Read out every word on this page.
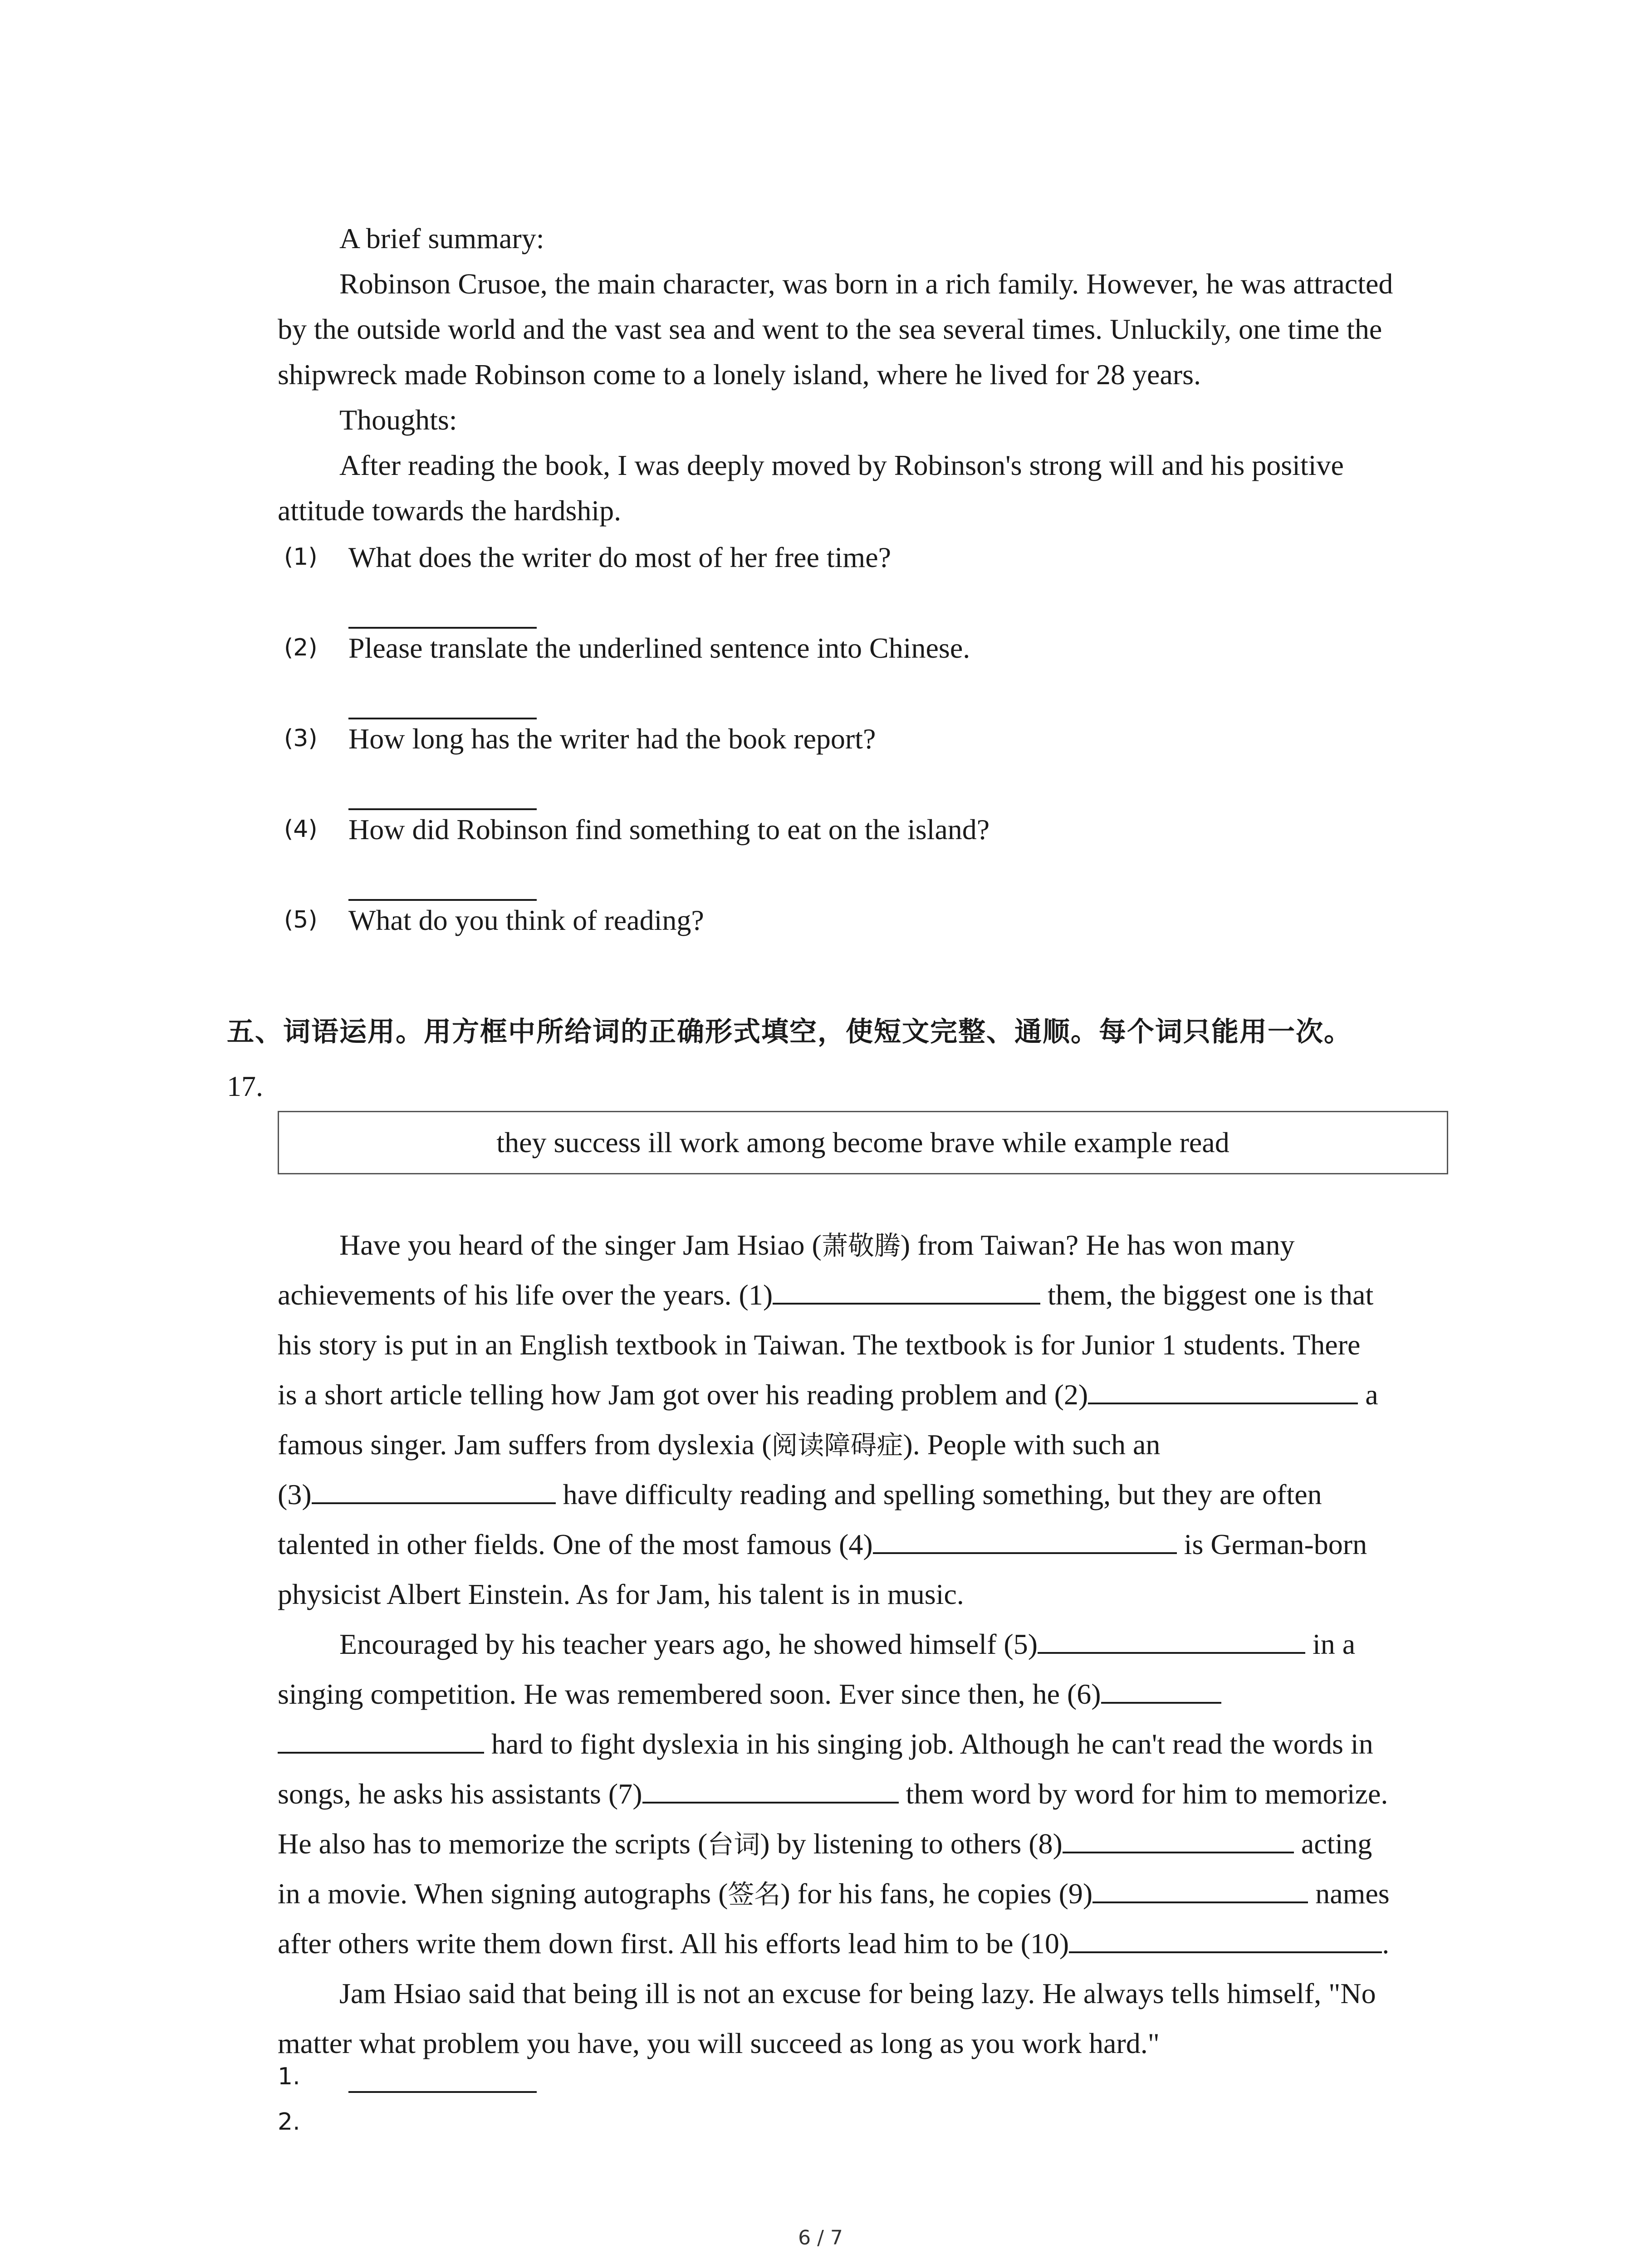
A brief summary:
Robinson Crusoe, the main character, was born in a rich family. However, he was attracted
by the outside world and the vast sea and went to the sea several times. Unluckily, one time the
shipwreck made Robinson come to a lonely island, where he lived for 28 years.
Thoughts:
After reading the book, I was deeply moved by Robinson's strong will and his positive
attitude towards the hardship.
(1) What does the writer do most of her free time?
(2) Please translate the underlined sentence into Chinese.
(3) How long has the writer had the book report?
(4) How did Robinson find something to eat on the island?
(5) What do you think of reading?
五、词语运用。用方框中所给词的正确形式填空，使短文完整、通顺。每个词只能用一次。
17.
they success ill work among become brave while example read
Have you heard of the singer Jam Hsiao (萧敬腾) from Taiwan? He has won many
achievements of his life over the years. (1)	them, the biggest one is that
his story is put in an English textbook in Taiwan. The textbook is for Junior 1 students. There
is a short article telling how Jam got over his reading problem and (2)	a
famous singer. Jam suffers from dyslexia (阅读障碍症). People with such an
(3)	have difficulty reading and spelling something, but they are often
talented in other fields. One of the most famous (4)	is German-born
physicist Albert Einstein. As for Jam, his talent is in music.
Encouraged by his teacher years ago, he showed himself (5)	in a
singing competition. He was remembered soon. Ever since then, he (6)
hard to fight dyslexia in his singing job. Although he can't read the words in
songs, he asks his assistants (7)	them word by word for him to memorize.
He also has to memorize the scripts (台词) by listening to others (8)	acting
in a movie. When signing autographs (签名) for his fans, he copies (9)	names
after others write them down first. All his efforts lead him to be (10)	.
Jam Hsiao said that being ill is not an excuse for being lazy. He always tells himself, "No
matter what problem you have, you will succeed as long as you work hard."
1.
2.
6 / 7
